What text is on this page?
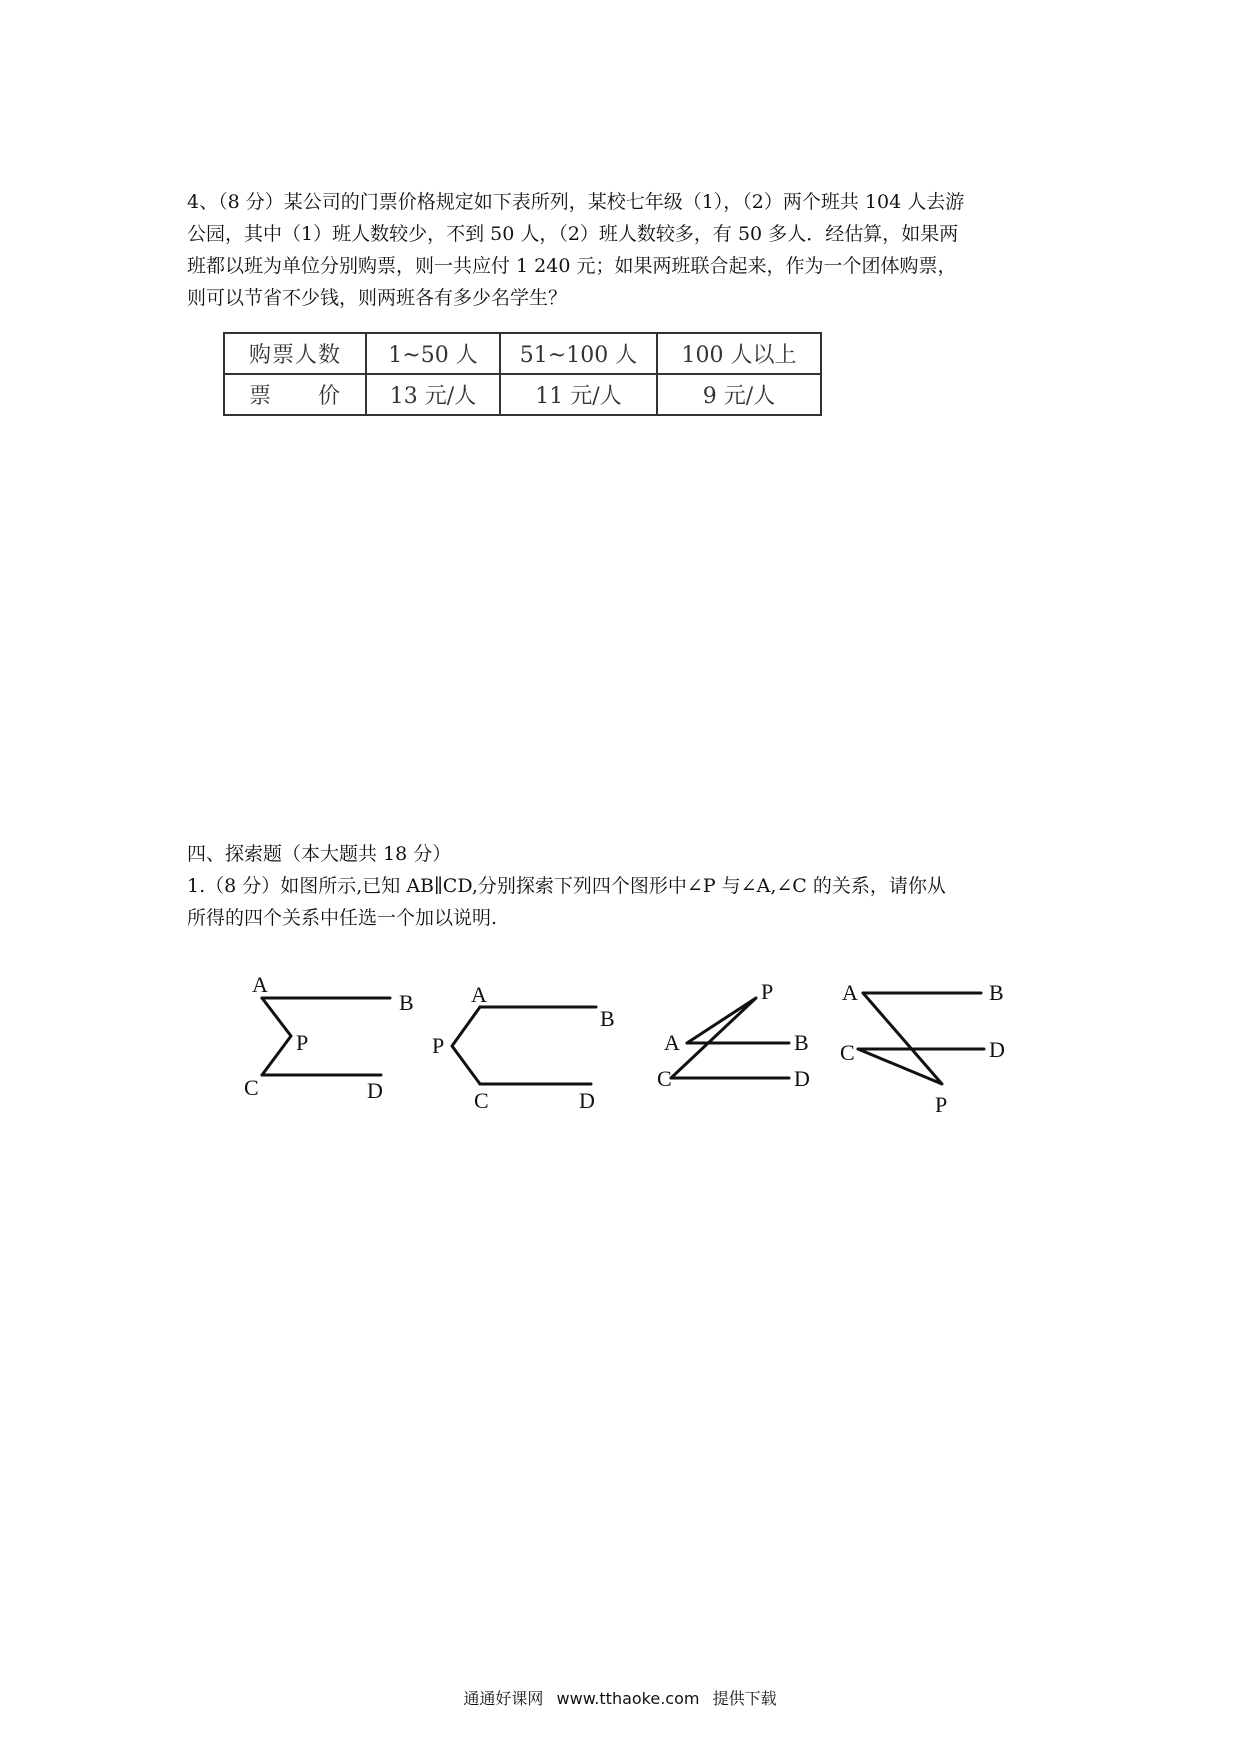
4、（8 分）某公司的门票价格规定如下表所列，某校七年级（1），（2）两个班共 104 人去游
公园，其中（1）班人数较少，不到 50 人，（2）班人数较多，有 50 多人．经估算，如果两
班都以班为单位分别购票，则一共应付 1 240 元；如果两班联合起来，作为一个团体购票，
则可以节省不少钱，则两班各有多少名学生？
购票人数	1~50 人	51~100 人	100 人以上
票　　价	13 元/人	11 元/人	9 元/人
四、探索题（本大题共 18 分）
1.（8 分）如图所示,已知 AB∥CD,分别探索下列四个图形中∠P 与∠A,∠C 的关系，请你从
所得的四个关系中任选一个加以说明.
A
B
P
C	D
A
B
P
C	D
P
A	B
C	D
A	B
C	D
P
通通好课网 www.tthaoke.com 提供下载
